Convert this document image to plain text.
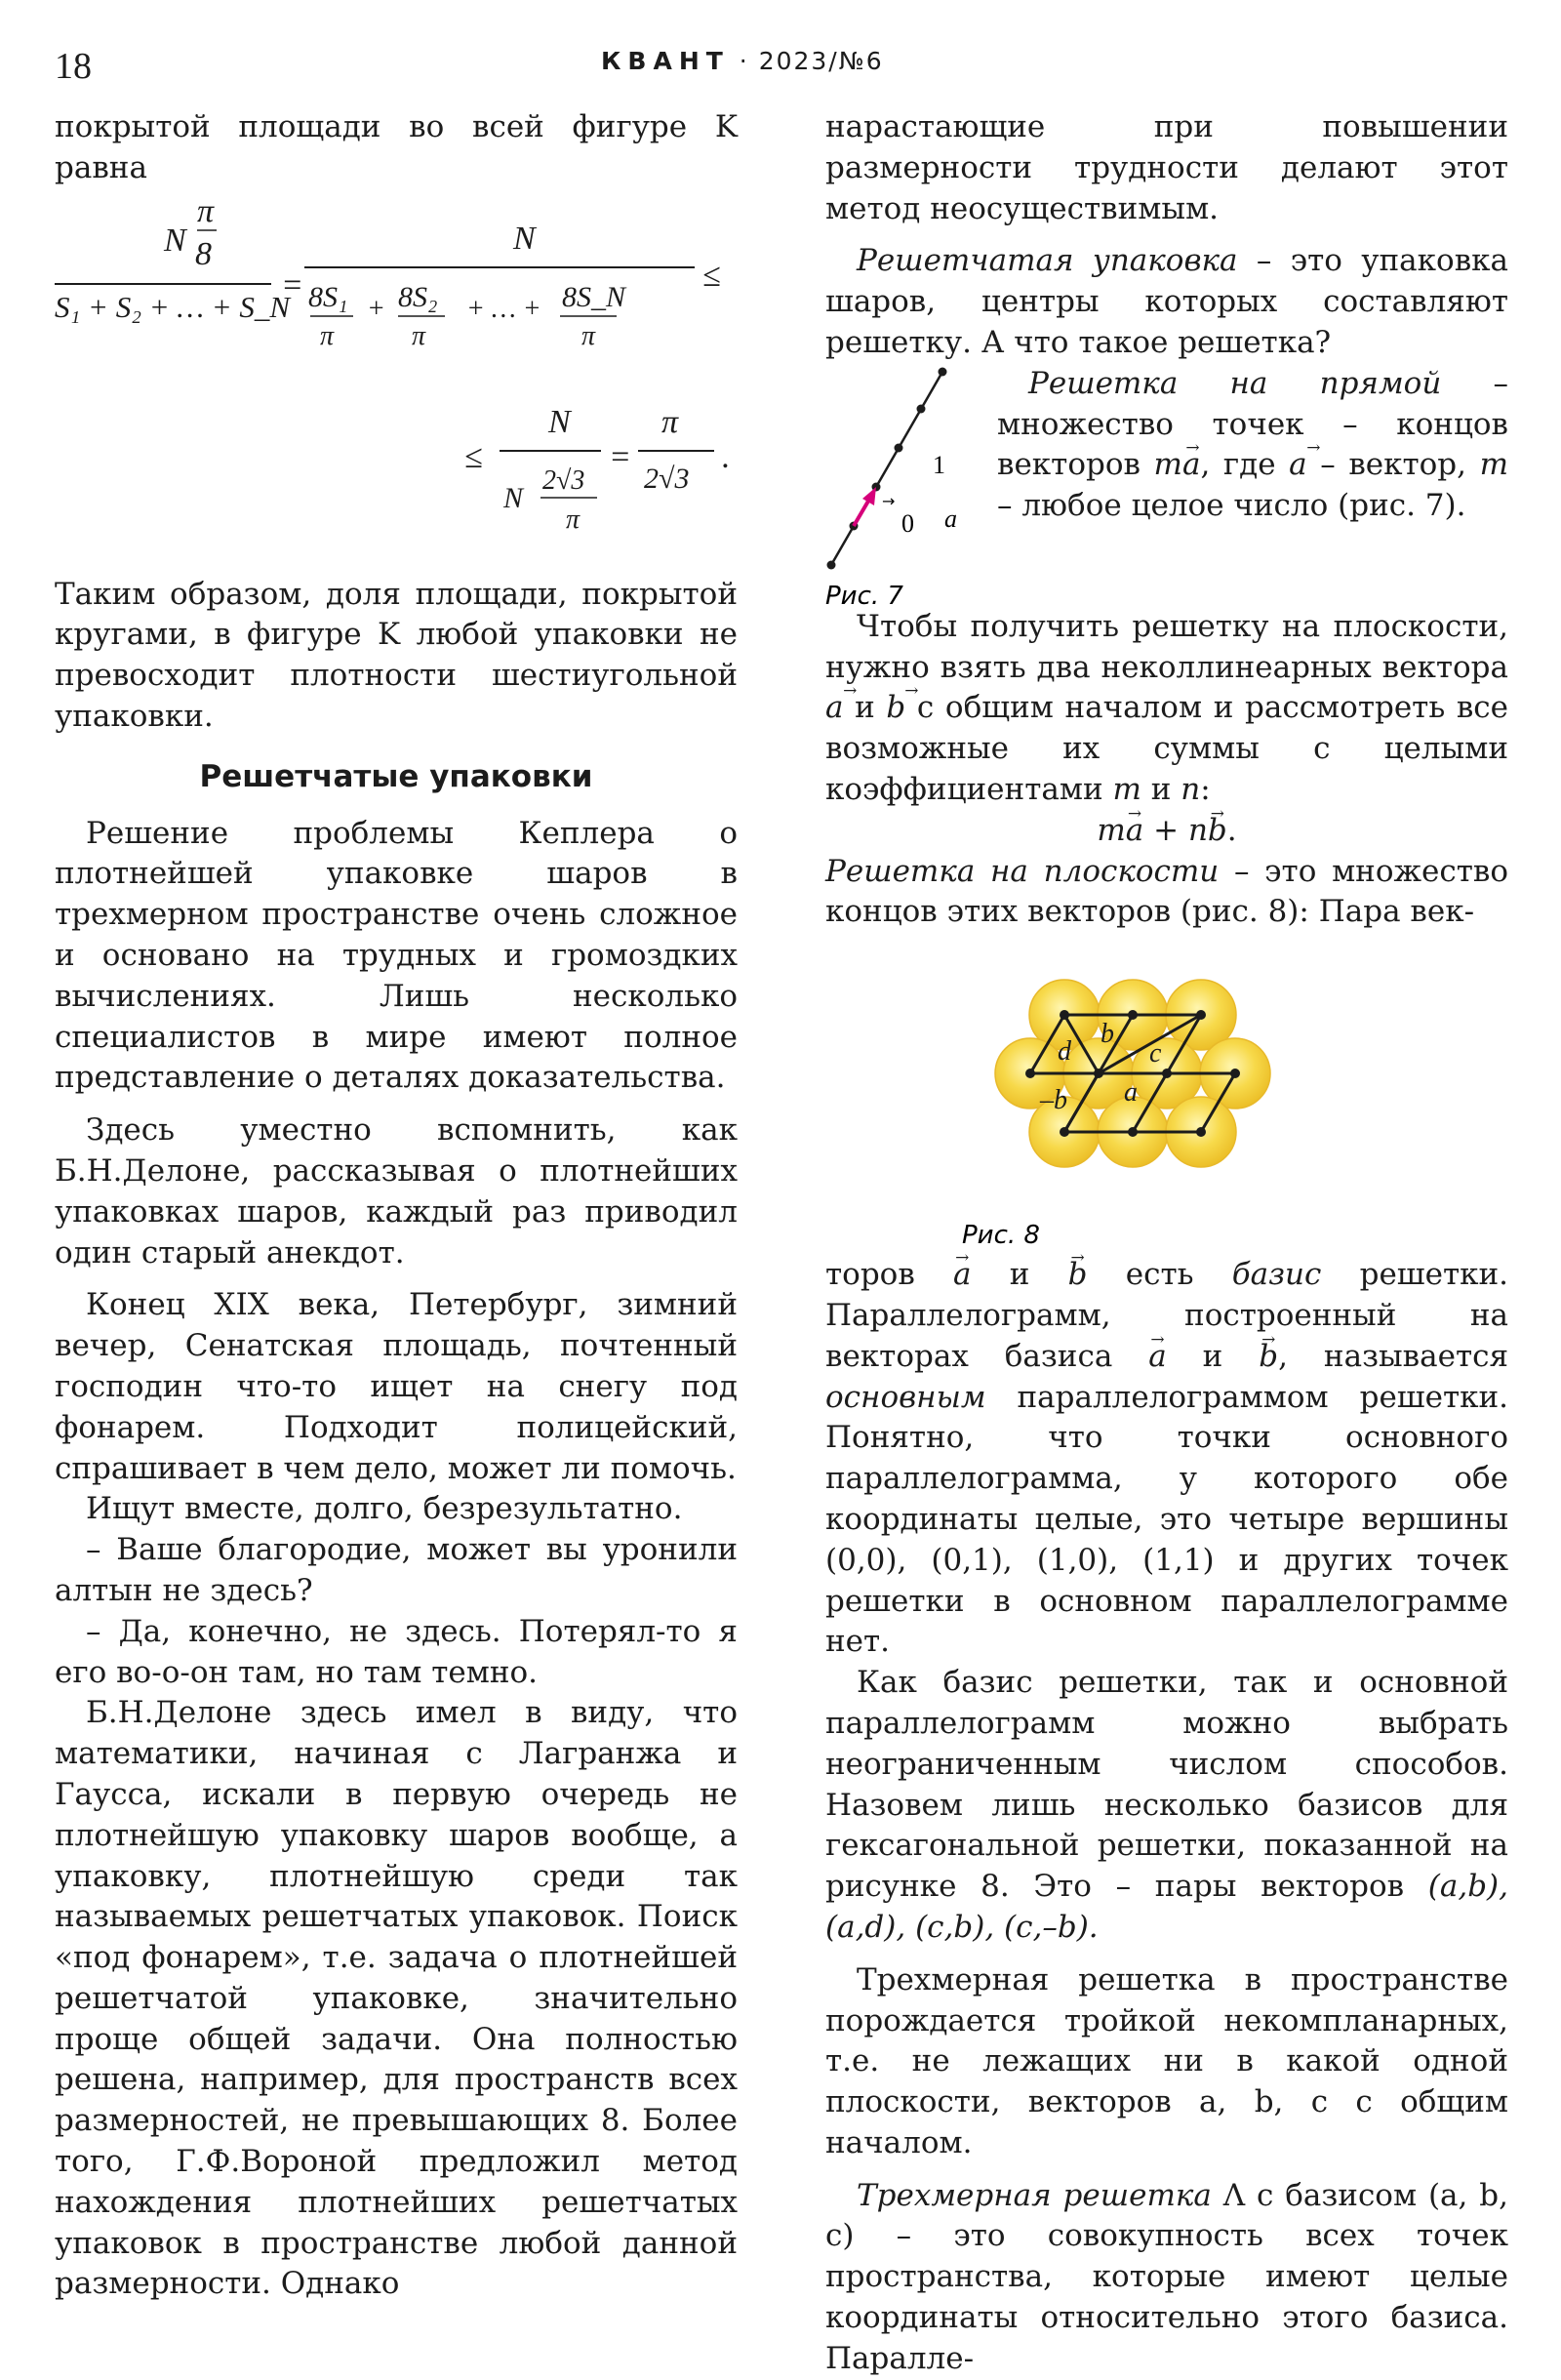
18	КВАНТ · 2023/№6

покрытой площади во всей фигуре K равна

N
π
8
S₁ + S₂ + … + S_N
=
N
8S₁
π
+ 8S₂
π
+ … + 8S_N
π
≤
≤
N
N
2√3
π
=
π
2√3
.

Таким образом, доля площади, покрытой кругами, в фигуре K любой упаковки не превосходит плотности шестиугольной упаковки.

Решетчатые упаковки

Решение проблемы Кеплера о плотнейшей упаковке шаров в трехмерном пространстве очень сложное и основано на трудных и громоздких вычислениях. Лишь несколько специалистов в мире имеют полное представление о деталях доказательства.

Здесь уместно вспомнить, как Б.Н.Делоне, рассказывая о плотнейших упаковках шаров, каждый раз приводил один старый анекдот.

Конец XIX века, Петербург, зимний вечер, Сенатская площадь, почтенный господин что-то ищет на снегу под фонарем. Подходит полицейский, спрашивает в чем дело, может ли помочь.

Ищут вместе, долго, безрезультатно.

– Ваше благородие, может вы уронили алтын не здесь?

– Да, конечно, не здесь. Потерял-то я его во-о-он там, но там темно.

Б.Н.Делоне здесь имел в виду, что математики, начиная с Лагранжа и Гаусса, искали в первую очередь не плотнейшую упаковку шаров вообще, а упаковку, плотнейшую среди так называемых решетчатых упаковок. Поиск «под фонарем», т.е. задача о плотнейшей решетчатой упаковке, значительно проще общей задачи. Она полностью решена, например, для пространств всех размерностей, не превышающих 8. Более того, Г.Ф.Вороной предложил метод нахождения плотнейших решетчатых упаковок в пространстве любой данной размерности. Однако

нарастающие при повышении размерности трудности делают этот метод неосуществимым.

Решетчатая упаковка – это упаковка шаров, центры которых составляют решетку. А что такое решетка?

0
1
a
→
Рис. 7

Решетка на прямой – множество точек – концов векторов → ma, где → a – вектор, m – любое целое число (рис. 7).

Чтобы получить решетку на плоскости, нужно взять два неколлинеарных вектора → a и → b с общим началом и рассмотреть все возможные их суммы с целыми коэффициентами m и n:

m→ a + n→ b.

Решетка на плоскости – это множество концов этих векторов (рис. 8): Пара век-

d
b
c
a
–b
Рис. 8

торов → a и → b есть базис решетки. Параллелограмм, построенный на векторах базиса → a и → b, называется основным параллелограммом решетки. Понятно, что точки основного параллелограмма, у которого обе координаты целые, это четыре вершины (0,0), (0,1), (1,0), (1,1) и других точек решетки в основном параллелограмме нет.

Как базис решетки, так и основной параллелограмм можно выбрать неограниченным числом способов. Назовем лишь несколько базисов для гексагональной решетки, показанной на рисунке 8. Это – пары векторов (a,b), (a,d), (c,b), (c,–b).

Трехмерная решетка в пространстве порождается тройкой некомпланарных, т.е. не лежащих ни в какой одной плоскости, векторов a, b, c с общим началом.

Трехмерная решетка Λ с базисом (a, b, c) – это совокупность всех точек пространства, которые имеют целые координаты относительно этого базиса. Паралле-
